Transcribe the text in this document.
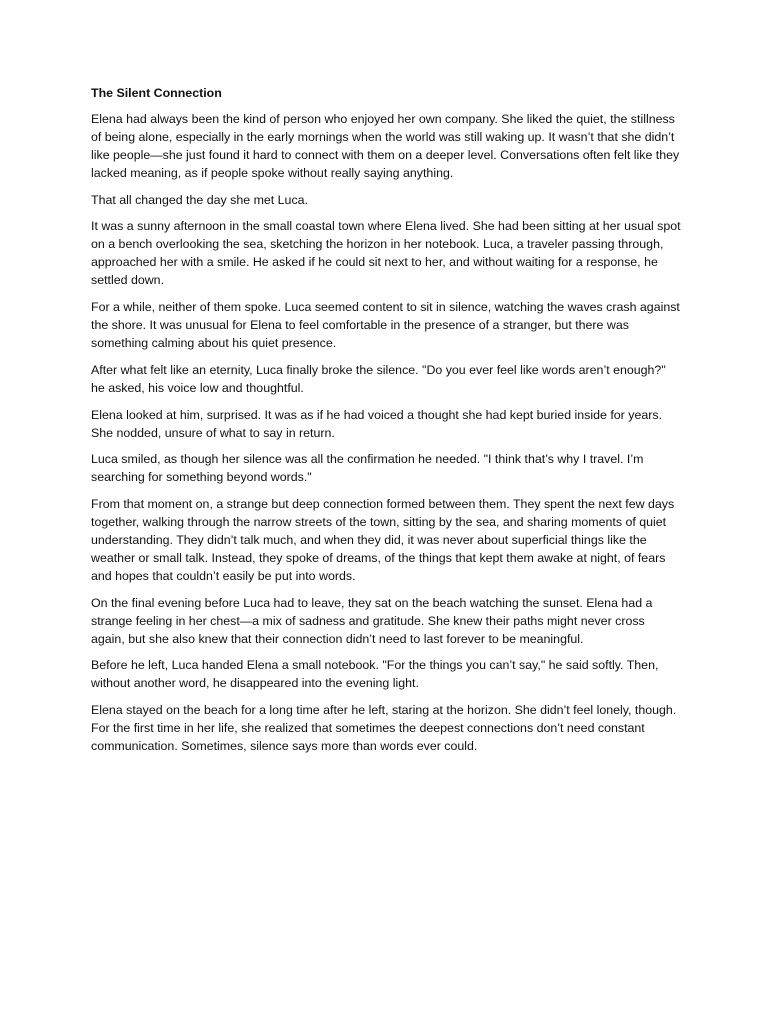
The Silent Connection

Elena had always been the kind of person who enjoyed her own company. She liked the quiet, the stillness of being alone, especially in the early mornings when the world was still waking up. It wasn’t that she didn’t like people—she just found it hard to connect with them on a deeper level. Conversations often felt like they lacked meaning, as if people spoke without really saying anything.

That all changed the day she met Luca.

It was a sunny afternoon in the small coastal town where Elena lived. She had been sitting at her usual spot on a bench overlooking the sea, sketching the horizon in her notebook. Luca, a traveler passing through, approached her with a smile. He asked if he could sit next to her, and without waiting for a response, he settled down.

For a while, neither of them spoke. Luca seemed content to sit in silence, watching the waves crash against the shore. It was unusual for Elena to feel comfortable in the presence of a stranger, but there was something calming about his quiet presence.

After what felt like an eternity, Luca finally broke the silence. "Do you ever feel like words aren’t enough?" he asked, his voice low and thoughtful.

Elena looked at him, surprised. It was as if he had voiced a thought she had kept buried inside for years. She nodded, unsure of what to say in return.

Luca smiled, as though her silence was all the confirmation he needed. "I think that’s why I travel. I’m searching for something beyond words."

From that moment on, a strange but deep connection formed between them. They spent the next few days together, walking through the narrow streets of the town, sitting by the sea, and sharing moments of quiet understanding. They didn’t talk much, and when they did, it was never about superficial things like the weather or small talk. Instead, they spoke of dreams, of the things that kept them awake at night, of fears and hopes that couldn’t easily be put into words.

On the final evening before Luca had to leave, they sat on the beach watching the sunset. Elena had a strange feeling in her chest—a mix of sadness and gratitude. She knew their paths might never cross again, but she also knew that their connection didn’t need to last forever to be meaningful.

Before he left, Luca handed Elena a small notebook. "For the things you can’t say," he said softly. Then, without another word, he disappeared into the evening light.

Elena stayed on the beach for a long time after he left, staring at the horizon. She didn’t feel lonely, though. For the first time in her life, she realized that sometimes the deepest connections don’t need constant communication. Sometimes, silence says more than words ever could.
